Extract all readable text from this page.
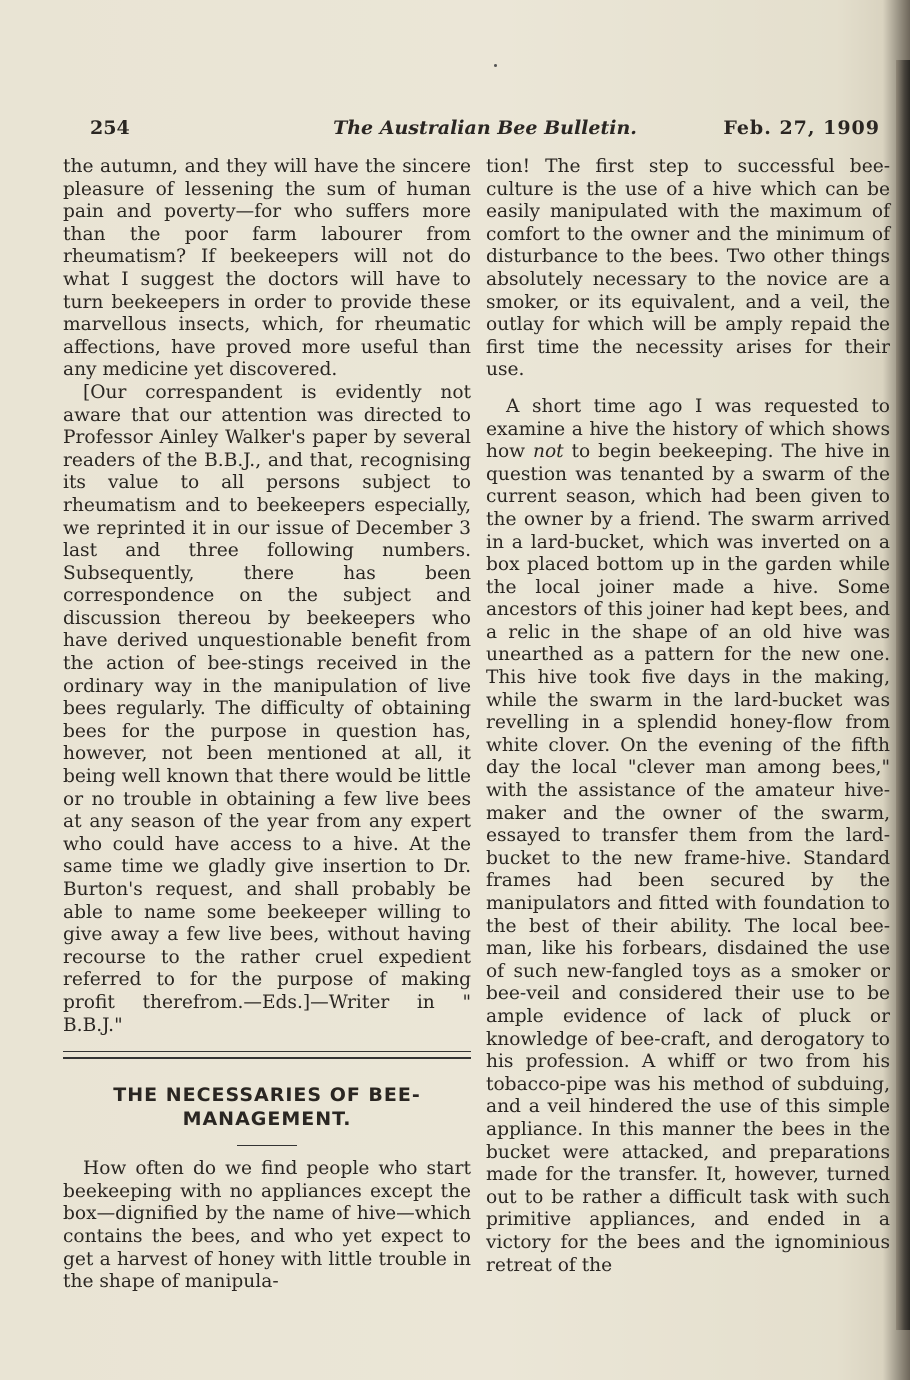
254	The Australian Bee Bulletin.	Feb. 27, 1909

the autumn, and they will have the sincere pleasure of lessening the sum of human pain and poverty—for who suffers more than the poor farm labourer from rheumatism? If beekeepers will not do what I suggest the doctors will have to turn beekeepers in order to provide these marvellous insects, which, for rheumatic affections, have proved more useful than any medicine yet discovered.

[Our correspandent is evidently not aware that our attention was directed to Professor Ainley Walker's paper by several readers of the B.B.J., and that, recognising its value to all persons subject to rheumatism and to beekeepers especially, we reprinted it in our issue of December 3 last and three following numbers. Subsequently, there has been correspondence on the subject and discussion thereou by beekeepers who have derived unquestionable benefit from the action of bee-stings received in the ordinary way in the manipulation of live bees regularly. The difficulty of obtaining bees for the purpose in question has, however, not been mentioned at all, it being well known that there would be little or no trouble in obtaining a few live bees at any season of the year from any expert who could have access to a hive. At the same time we gladly give insertion to Dr. Burton's request, and shall probably be able to name some beekeeper willing to give away a few live bees, without having recourse to the rather cruel expedient referred to for the purpose of making profit therefrom.—Eds.]—Writer in " B.B.J."

THE NECESSARIES OF BEE-MANAGEMENT.

How often do we find people who start beekeeping with no appliances except the box—dignified by the name of hive—which contains the bees, and who yet expect to get a harvest of honey with little trouble in the shape of manipula-

tion! The first step to successful bee-culture is the use of a hive which can be easily manipulated with the maximum of comfort to the owner and the minimum of disturbance to the bees. Two other things absolutely necessary to the novice are a smoker, or its equivalent, and a veil, the outlay for which will be amply repaid the first time the necessity arises for their use.

A short time ago I was requested to examine a hive the history of which shows how not to begin beekeeping. The hive in question was tenanted by a swarm of the current season, which had been given to the owner by a friend. The swarm arrived in a lard-bucket, which was inverted on a box placed bottom up in the garden while the local joiner made a hive. Some ancestors of this joiner had kept bees, and a relic in the shape of an old hive was unearthed as a pattern for the new one. This hive took five days in the making, while the swarm in the lard-bucket was revelling in a splendid honey-flow from white clover. On the evening of the fifth day the local "clever man among bees," with the assistance of the amateur hive-maker and the owner of the swarm, essayed to transfer them from the lard-bucket to the new frame-hive. Standard frames had been secured by the manipulators and fitted with foundation to the best of their ability. The local bee-man, like his forbears, disdained the use of such new-fangled toys as a smoker or bee-veil and considered their use to be ample evidence of lack of pluck or knowledge of bee-craft, and derogatory to his profession. A whiff or two from his tobacco-pipe was his method of subduing, and a veil hindered the use of this simple appliance. In this manner the bees in the bucket were attacked, and preparations made for the transfer. It, however, turned out to be rather a difficult task with such primitive appliances, and ended in a victory for the bees and the ignominious retreat of the
